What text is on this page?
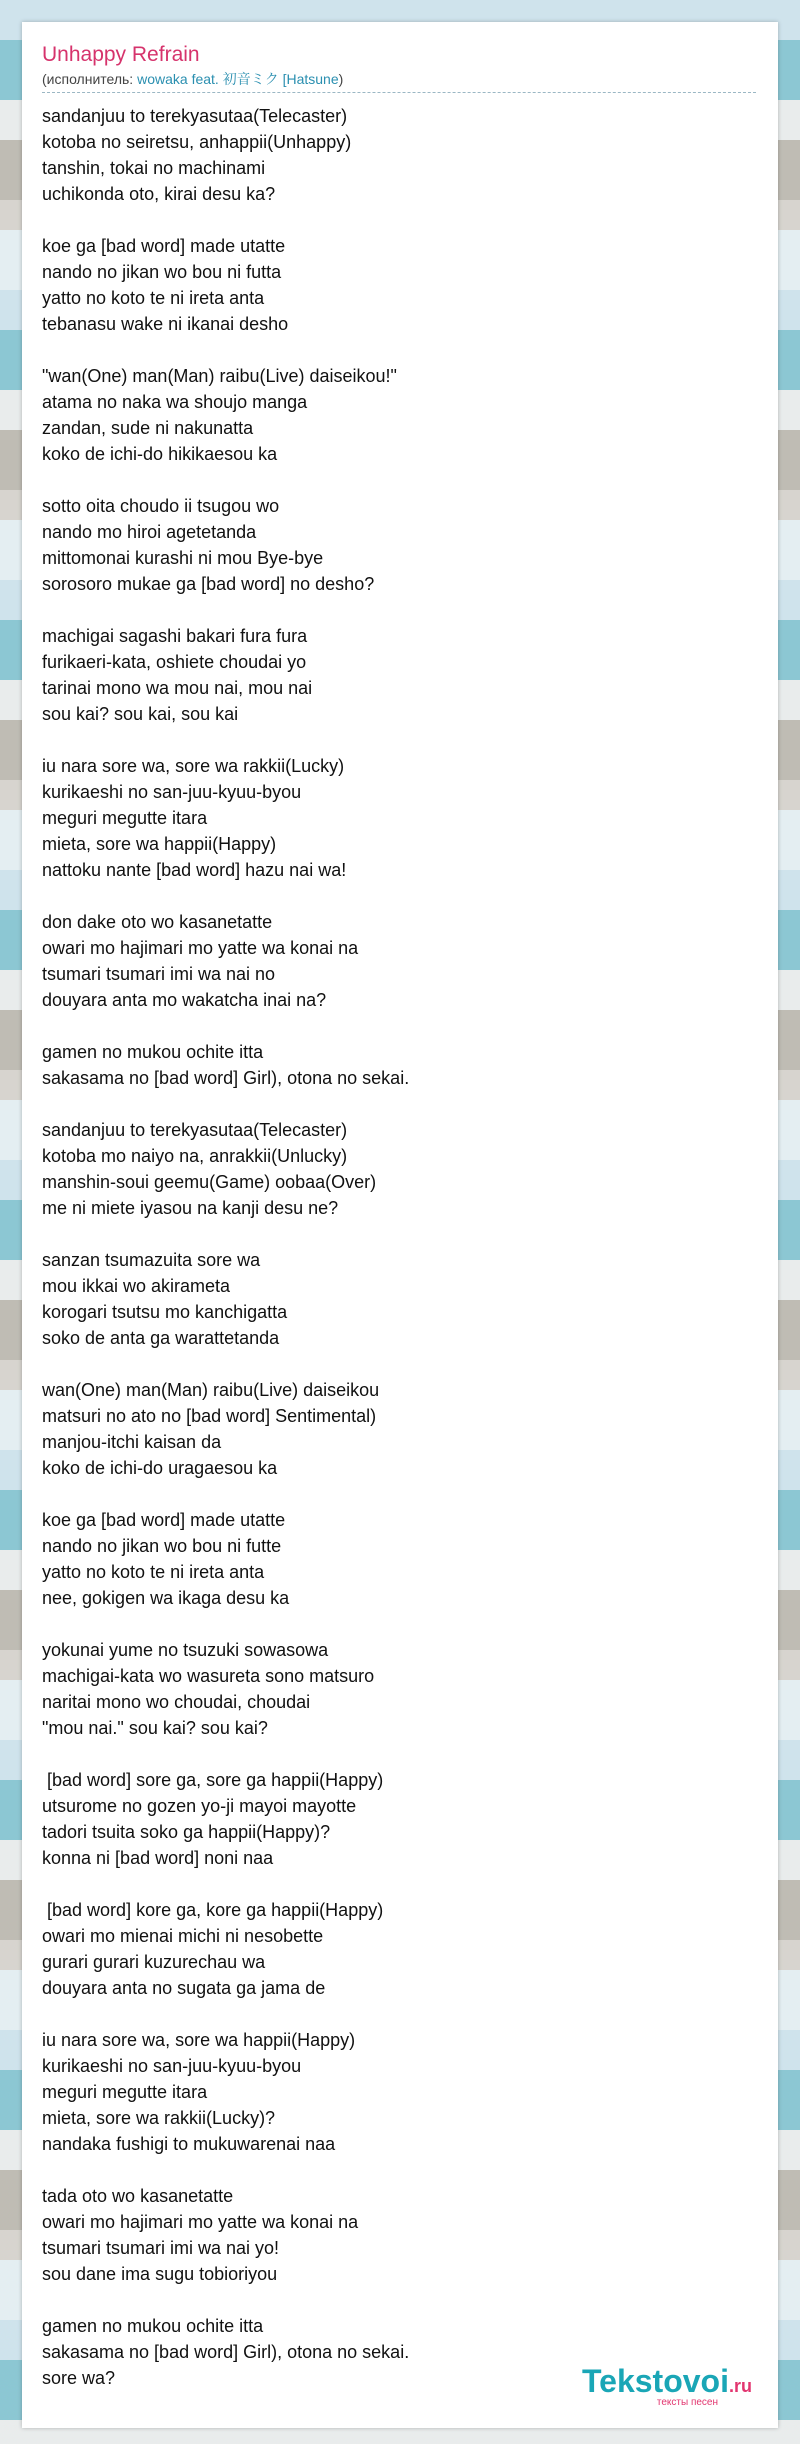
Unhappy Refrain
(исполнитель: wowaka feat. 初音ミク [Hatsune)
sandanjuu to terekyasutaa(Telecaster)
kotoba no seiretsu, anhappii(Unhappy)
tanshin, tokai no machinami
uchikonda oto, kirai desu ka?
koe ga [bad word] made utatte
nando no jikan wo bou ni futta
yatto no koto te ni ireta anta
tebanasu wake ni ikanai desho
"wan(One) man(Man) raibu(Live) daiseikou!"
atama no naka wa shoujo manga
zandan, sude ni nakunatta
koko de ichi-do hikikaesou ka
sotto oita choudo ii tsugou wo
nando mo hiroi agetetanda
mittomonai kurashi ni mou Bye-bye
sorosoro mukae ga [bad word] no desho?
machigai sagashi bakari fura fura
furikaeri-kata, oshiete choudai yo
tarinai mono wa mou nai, mou nai
sou kai? sou kai, sou kai
iu nara sore wa, sore wa rakkii(Lucky)
kurikaeshi no san-juu-kyuu-byou
meguri megutte itara
mieta, sore wa happii(Happy)
nattoku nante [bad word] hazu nai wa!
don dake oto wo kasanetatte
owari mo hajimari mo yatte wa konai na
tsumari tsumari imi wa nai no
douyara anta mo wakatcha inai na?
gamen no mukou ochite itta
sakasama no [bad word] Girl), otona no sekai.
sandanjuu to terekyasutaa(Telecaster)
kotoba mo naiyo na, anrakkii(Unlucky)
manshin-soui geemu(Game) oobaa(Over)
me ni miete iyasou na kanji desu ne?
sanzan tsumazuita sore wa
mou ikkai wo akirameta
korogari tsutsu mo kanchigatta
soko de anta ga warattetanda
wan(One) man(Man) raibu(Live) daiseikou
matsuri no ato no [bad word] Sentimental)
manjou-itchi kaisan da
koko de ichi-do uragaesou ka
koe ga [bad word] made utatte
nando no jikan wo bou ni futte
yatto no koto te ni ireta anta
nee, gokigen wa ikaga desu ka
yokunai yume no tsuzuki sowasowa
machigai-kata wo wasureta sono matsuro
naritai mono wo choudai, choudai
"mou nai." sou kai? sou kai?
[bad word] sore ga, sore ga happii(Happy)
utsurome no gozen yo-ji mayoi mayotte
tadori tsuita soko ga happii(Happy)?
konna ni [bad word] noni naa
[bad word] kore ga, kore ga happii(Happy)
owari mo mienai michi ni nesobette
gurari gurari kuzurechau wa
douyara anta no sugata ga jama de
iu nara sore wa, sore wa happii(Happy)
kurikaeshi no san-juu-kyuu-byou
meguri megutte itara
mieta, sore wa rakkii(Lucky)?
nandaka fushigi to mukuwarenai naa
tada oto wo kasanetatte
owari mo hajimari mo yatte wa konai na
tsumari tsumari imi wa nai yo!
sou dane ima sugu tobioriyou
gamen no mukou ochite itta
sakasama no [bad word] Girl), otona no sekai.
sore wa?	Tekstovoi.ru
тексты песен
